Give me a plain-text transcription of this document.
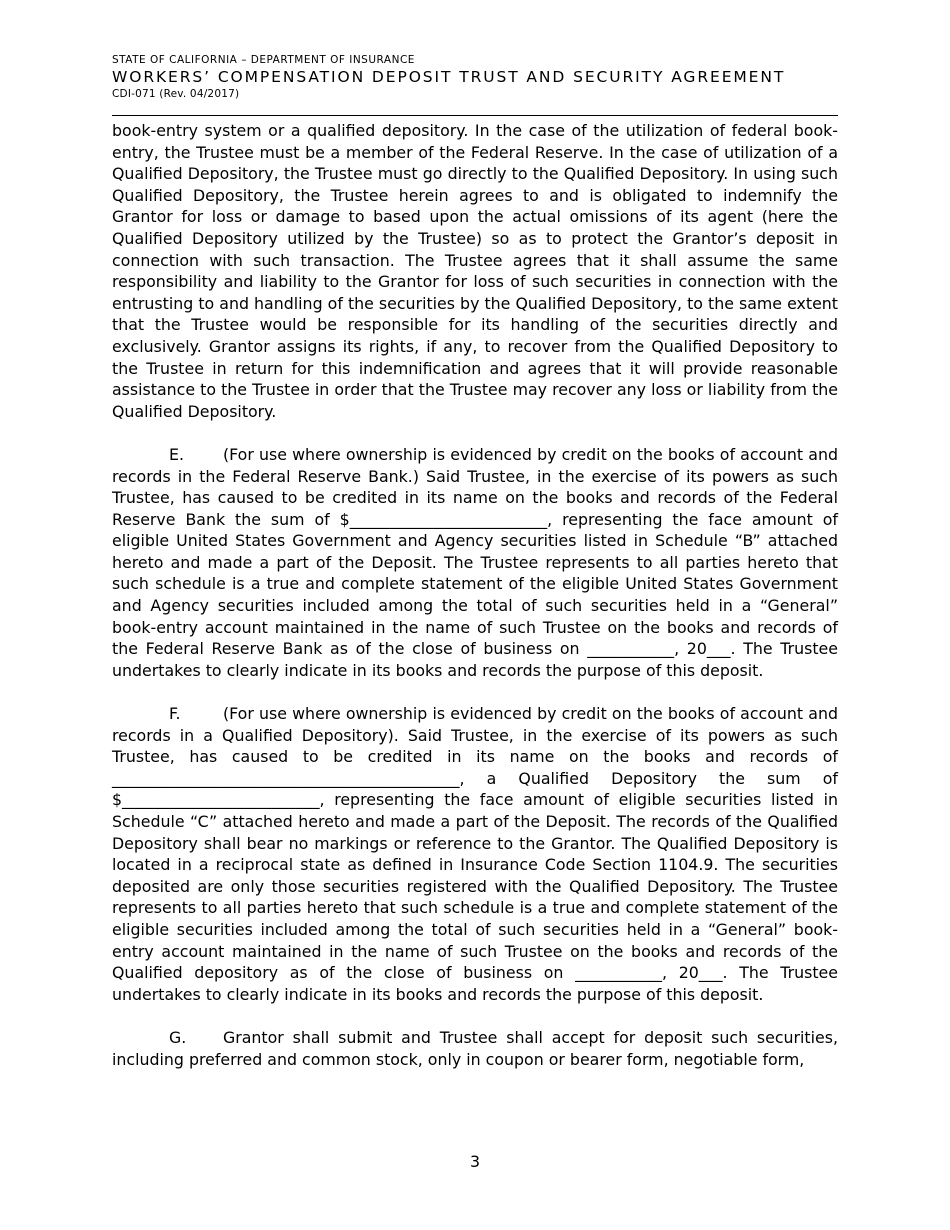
STATE OF CALIFORNIA – DEPARTMENT OF INSURANCE
WORKERS’ COMPENSATION DEPOSIT TRUST AND SECURITY AGREEMENT
CDI-071 (Rev. 04/2017)

book-entry system or a qualified depository. In the case of the utilization of federal book-entry, the Trustee must be a member of the Federal Reserve. In the case of utilization of a Qualified Depository, the Trustee must go directly to the Qualified Depository. In using such Qualified Depository, the Trustee herein agrees to and is obligated to indemnify the Grantor for loss or damage to based upon the actual omissions of its agent (here the Qualified Depository utilized by the Trustee) so as to protect the Grantor’s deposit in connection with such transaction. The Trustee agrees that it shall assume the same responsibility and liability to the Grantor for loss of such securities in connection with the entrusting to and handling of the securities by the Qualified Depository, to the same extent that the Trustee would be responsible for its handling of the securities directly and exclusively. Grantor assigns its rights, if any, to recover from the Qualified Depository to the Trustee in return for this indemnification and agrees that it will provide reasonable assistance to the Trustee in order that the Trustee may recover any loss or liability from the Qualified Depository.

E. (For use where ownership is evidenced by credit on the books of account and records in the Federal Reserve Bank.) Said Trustee, in the exercise of its powers as such Trustee, has caused to be credited in its name on the books and records of the Federal Reserve Bank the sum of $_________________________, representing the face amount of eligible United States Government and Agency securities listed in Schedule “B” attached hereto and made a part of the Deposit. The Trustee represents to all parties hereto that such schedule is a true and complete statement of the eligible United States Government and Agency securities included among the total of such securities held in a “General” book-entry account maintained in the name of such Trustee on the books and records of the Federal Reserve Bank as of the close of business on ___________, 20___. The Trustee undertakes to clearly indicate in its books and records the purpose of this deposit.

F.	(For use where ownership is evidenced by credit on the books of account and records in a Qualified Depository). Said Trustee, in the exercise of its powers as such Trustee, has caused to be credited in its name on the books and records of ____________________________________________, a Qualified Depository the sum of $_________________________, representing the face amount of eligible securities listed in Schedule “C” attached hereto and made a part of the Deposit. The records of the Qualified Depository shall bear no markings or reference to the Grantor. The Qualified Depository is located in a reciprocal state as defined in Insurance Code Section 1104.9. The securities deposited are only those securities registered with the Qualified Depository. The Trustee represents to all parties hereto that such schedule is a true and complete statement of the eligible securities included among the total of such securities held in a “General” book-entry account maintained in the name of such Trustee on the books and records of the Qualified depository as of the close of business on ___________, 20___. The Trustee undertakes to clearly indicate in its books and records the purpose of this deposit.

G. Grantor shall submit and Trustee shall accept for deposit such securities, including preferred and common stock, only in coupon or bearer form, negotiable form,

3
